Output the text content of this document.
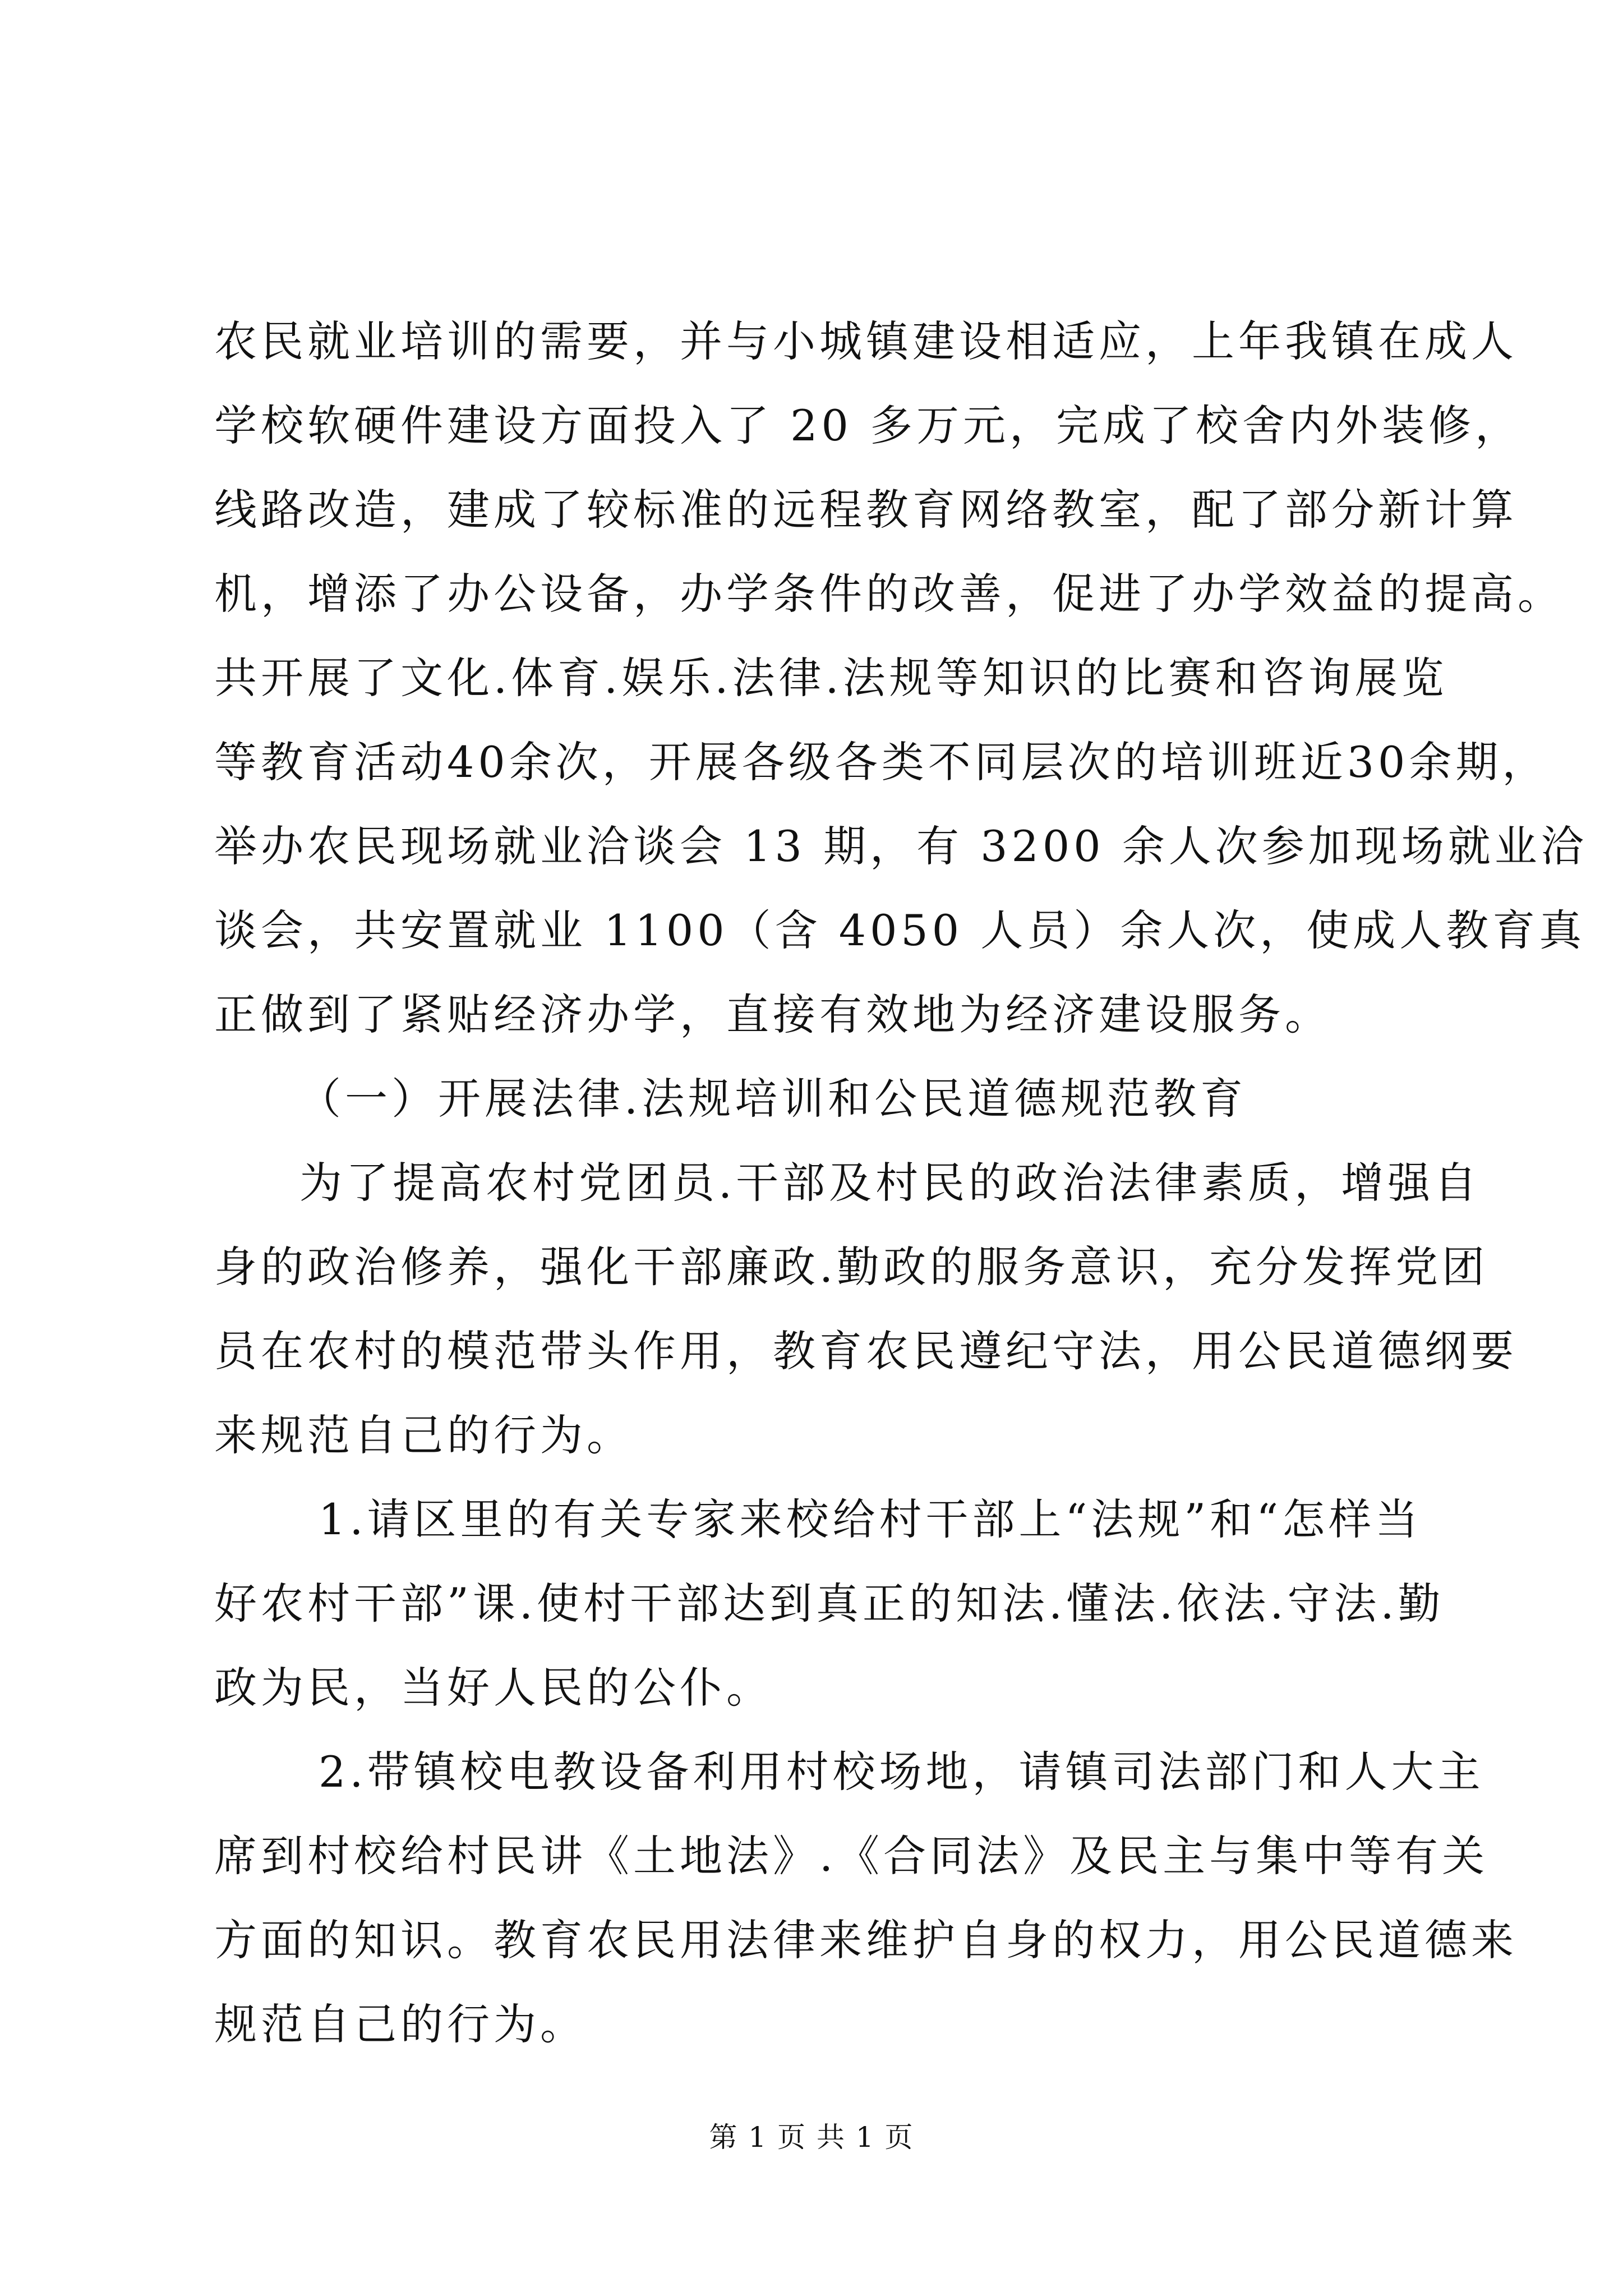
农民就业培训的需要，并与小城镇建设相适应，上年我镇在成人
学校软硬件建设方面投入了 20 多万元，完成了校舍内外装修，
线路改造，建成了较标准的远程教育网络教室，配了部分新计算
机，增添了办公设备，办学条件的改善，促进了办学效益的提高。
共开展了文化.体育.娱乐.法律.法规等知识的比赛和咨询展览
等教育活动40余次，开展各级各类不同层次的培训班近30余期，
举办农民现场就业洽谈会 13 期，有 3200 余人次参加现场就业洽
谈会，共安置就业 1100（含 4050 人员）余人次，使成人教育真
正做到了紧贴经济办学，直接有效地为经济建设服务。
（一）开展法律.法规培训和公民道德规范教育
为了提高农村党团员.干部及村民的政治法律素质，增强自
身的政治修养，强化干部廉政.勤政的服务意识，充分发挥党团
员在农村的模范带头作用，教育农民遵纪守法，用公民道德纲要
来规范自己的行为。
1.请区里的有关专家来校给村干部上“法规”和“怎样当
好农村干部”课.使村干部达到真正的知法.懂法.依法.守法.勤
政为民，当好人民的公仆。
2.带镇校电教设备利用村校场地，请镇司法部门和人大主
席到村校给村民讲《土地法》.《合同法》及民主与集中等有关
方面的知识。教育农民用法律来维护自身的权力，用公民道德来
规范自己的行为。
第 1 页 共 1 页
